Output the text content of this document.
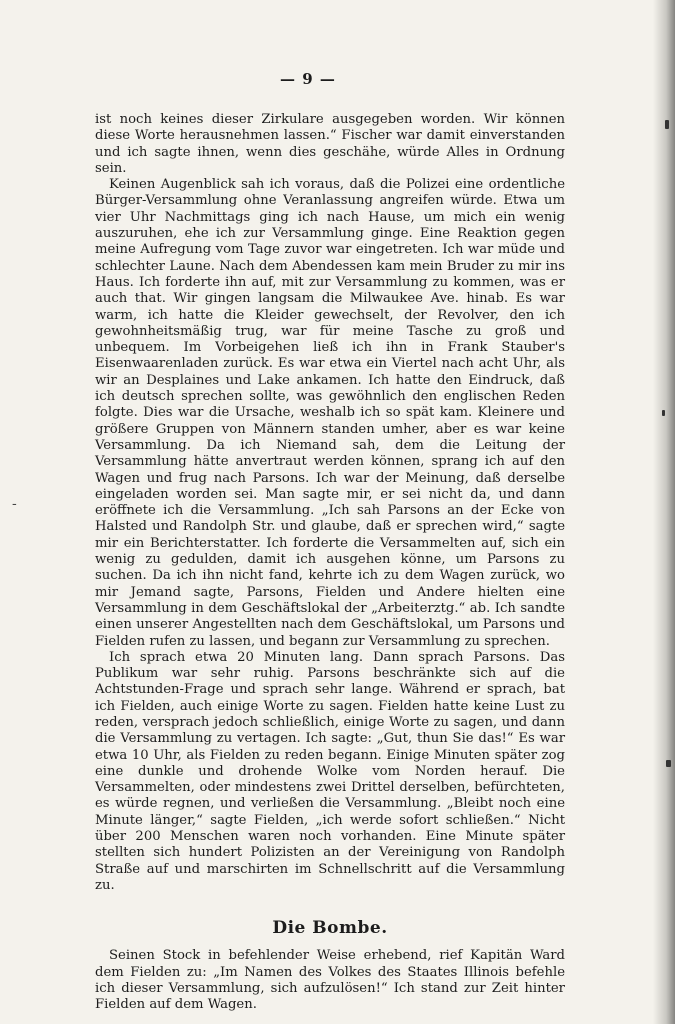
-
— 9 —

ist noch keines dieser Zirkulare ausgegeben worden. Wir können diese Worte herausnehmen lassen.“ Fischer war damit einverstanden und ich sagte ihnen, wenn dies geschähe, würde Alles in Ordnung sein.

Keinen Augenblick sah ich voraus, daß die Polizei eine ordentliche Bürger-Versammlung ohne Veranlassung angreifen würde. Etwa um vier Uhr Nachmittags ging ich nach Hause, um mich ein wenig auszuruhen, ehe ich zur Versammlung ginge. Eine Reaktion gegen meine Aufregung vom Tage zuvor war eingetreten. Ich war müde und schlechter Laune. Nach dem Abendessen kam mein Bruder zu mir ins Haus. Ich forderte ihn auf, mit zur Versammlung zu kommen, was er auch that. Wir gingen langsam die Milwaukee Ave. hinab. Es war warm, ich hatte die Kleider gewechselt, der Revolver, den ich gewohnheitsmäßig trug, war für meine Tasche zu groß und unbequem. Im Vorbeigehen ließ ich ihn in Frank Stauber's Eisenwaarenladen zurück. Es war etwa ein Viertel nach acht Uhr, als wir an Desplaines und Lake ankamen. Ich hatte den Eindruck, daß ich deutsch sprechen sollte, was gewöhnlich den englischen Reden folgte. Dies war die Ursache, weshalb ich so spät kam. Kleinere und größere Gruppen von Männern standen umher, aber es war keine Versammlung. Da ich Niemand sah, dem die Leitung der Versammlung hätte anvertraut werden können, sprang ich auf den Wagen und frug nach Parsons. Ich war der Meinung, daß derselbe eingeladen worden sei. Man sagte mir, er sei nicht da, und dann eröffnete ich die Versammlung. „Ich sah Parsons an der Ecke von Halsted und Randolph Str. und glaube, daß er sprechen wird,“ sagte mir ein Berichterstatter. Ich forderte die Versammelten auf, sich ein wenig zu gedulden, damit ich ausgehen könne, um Parsons zu suchen. Da ich ihn nicht fand, kehrte ich zu dem Wagen zurück, wo mir Jemand sagte, Parsons, Fielden und Andere hielten eine Versammlung in dem Geschäftslokal der „Arbeiterztg.“ ab. Ich sandte einen unserer Angestellten nach dem Geschäftslokal, um Parsons und Fielden rufen zu lassen, und begann zur Versammlung zu sprechen.

Ich sprach etwa 20 Minuten lang. Dann sprach Parsons. Das Publikum war sehr ruhig. Parsons beschränkte sich auf die Achtstunden-Frage und sprach sehr lange. Während er sprach, bat ich Fielden, auch einige Worte zu sagen. Fielden hatte keine Lust zu reden, versprach jedoch schließlich, einige Worte zu sagen, und dann die Versammlung zu vertagen. Ich sagte: „Gut, thun Sie das!“ Es war etwa 10 Uhr, als Fielden zu reden begann. Einige Minuten später zog eine dunkle und drohende Wolke vom Norden herauf. Die Versammelten, oder mindestens zwei Drittel derselben, befürchteten, es würde regnen, und verließen die Versammlung. „Bleibt noch eine Minute länger,“ sagte Fielden, „ich werde sofort schließen.“ Nicht über 200 Menschen waren noch vorhanden. Eine Minute später stellten sich hundert Polizisten an der Vereinigung von Randolph Straße auf und marschirten im Schnellschritt auf die Versammlung zu.

Die Bombe.

Seinen Stock in befehlender Weise erhebend, rief Kapitän Ward dem Fielden zu: „Im Namen des Volkes des Staates Illinois befehle ich dieser Versammlung, sich aufzulösen!“ Ich stand zur Zeit hinter Fielden auf dem Wagen.
